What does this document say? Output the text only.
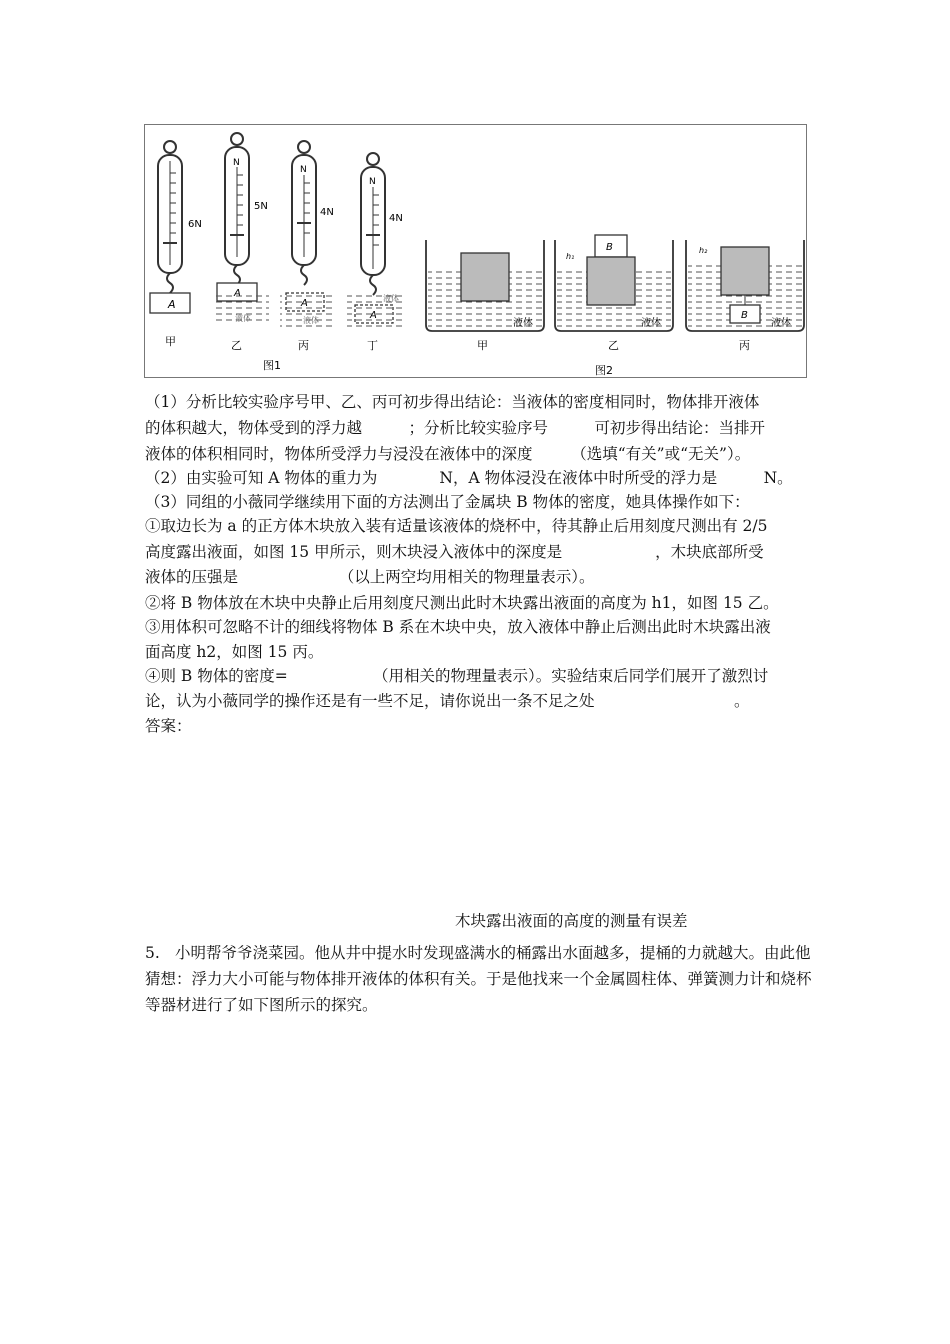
A
6N
甲
N
液体
5N
乙
N
A
液体
4N
丙
N
A
液体
4N
丁
图1
液体
甲
B
h₁
液体
乙
B
h₂
液体
丙
图2
（1）分析比较实验序号甲、乙、丙可初步得出结论：当液体的密度相同时，物体排开液体
的体积越大，物体受到的浮力越　　　；分析比较实验序号　　　可初步得出结论：当排开
液体的体积相同时，物体所受浮力与浸没在液体中的深度　　　（选填“有关”或“无关”）。
（2）由实验可知 A 物体的重力为　　　　N，A 物体浸没在液体中时所受的浮力是　　　N。
（3）同组的小薇同学继续用下面的方法测出了金属块 B 物体的密度，她具体操作如下：
①取边长为 a 的正方体木块放入装有适量该液体的烧杯中，待其静止后用刻度尺测出有 2/5
高度露出液面，如图 15 甲所示，则木块浸入液体中的深度是　　　　　　，木块底部所受
液体的压强是　　　　　　　（以上两空均用相关的物理量表示）。
②将 B 物体放在木块中央静止后用刻度尺测出此时木块露出液面的高度为 h1，如图 15 乙。
③用体积可忽略不计的细线将物体 B 系在木块中央，放入液体中静止后测出此时木块露出液
面高度 h2，如图 15 丙。
④则 B 物体的密度=　　　　　　（用相关的物理量表示）。实验结束后同学们展开了激烈讨
论，认为小薇同学的操作还是有一些不足，请你说出一条不足之处　　　　　　　　　。
答案：
木块露出液面的高度的测量有误差
5. 小明帮爷爷浇菜园。他从井中提水时发现盛满水的桶露出水面越多，提桶的力就越大。由此他猜想：浮力大小可能与物体排开液体的体积有关。于是他找来一个金属圆柱体、弹簧测力计和烧杯等器材进行了如下图所示的探究。
